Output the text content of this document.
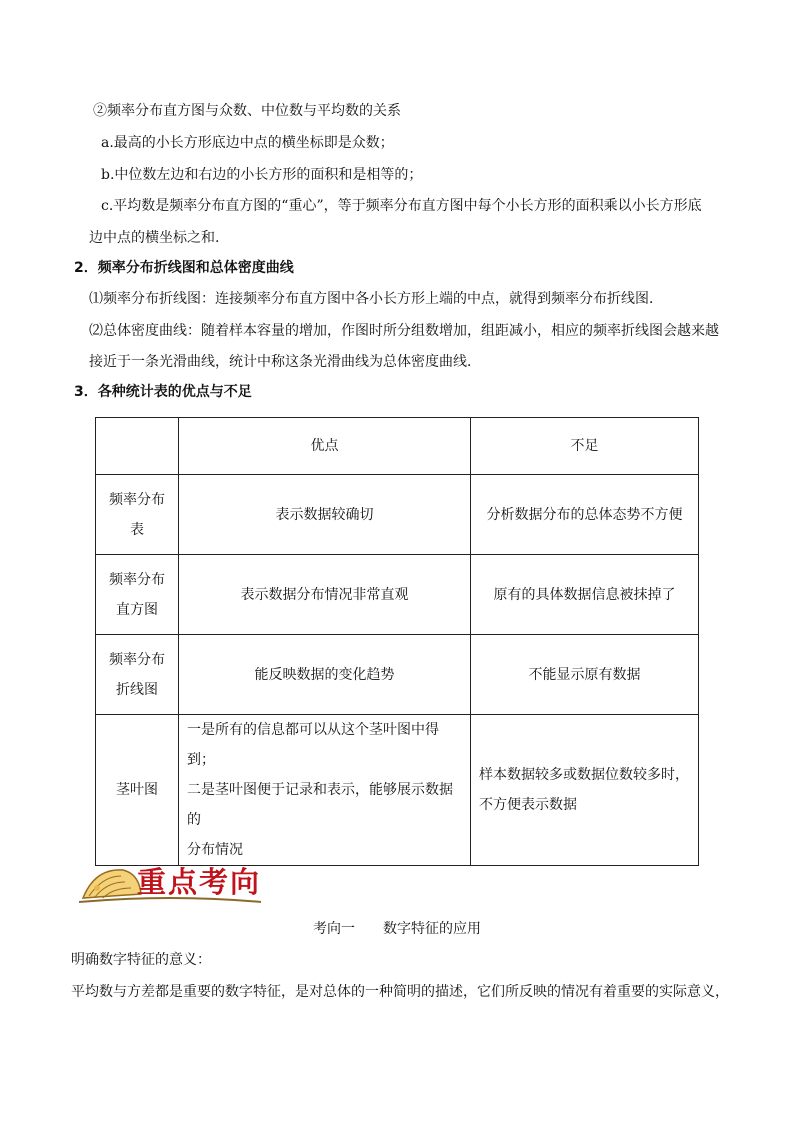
②频率分布直方图与众数、中位数与平均数的关系
a.最高的小长方形底边中点的横坐标即是众数；
b.中位数左边和右边的小长方形的面积和是相等的；
c.平均数是频率分布直方图的“重心”，等于频率分布直方图中每个小长方形的面积乘以小长方形底
边中点的横坐标之和.
2．频率分布折线图和总体密度曲线
⑴频率分布折线图：连接频率分布直方图中各小长方形上端的中点，就得到频率分布折线图．
⑵总体密度曲线：随着样本容量的增加，作图时所分组数增加，组距减小，相应的频率折线图会越来越
接近于一条光滑曲线，统计中称这条光滑曲线为总体密度曲线．
3．各种统计表的优点与不足
	优点	不足
频率分布
表	表示数据较确切	分析数据分布的总体态势不方便
频率分布
直方图	表示数据分布情况非常直观	原有的具体数据信息被抹掉了
频率分布
折线图	能反映数据的变化趋势	不能显示原有数据
茎叶图	一是所有的信息都可以从这个茎叶图中得到；
二是茎叶图便于记录和表示，能够展示数据的
分布情况	样本数据较多或数据位数较多时，
不方便表示数据
重点考向
考向一　　数字特征的应用
明确数字特征的意义：
平均数与方差都是重要的数字特征，是对总体的一种简明的描述，它们所反映的情况有着重要的实际意义，
